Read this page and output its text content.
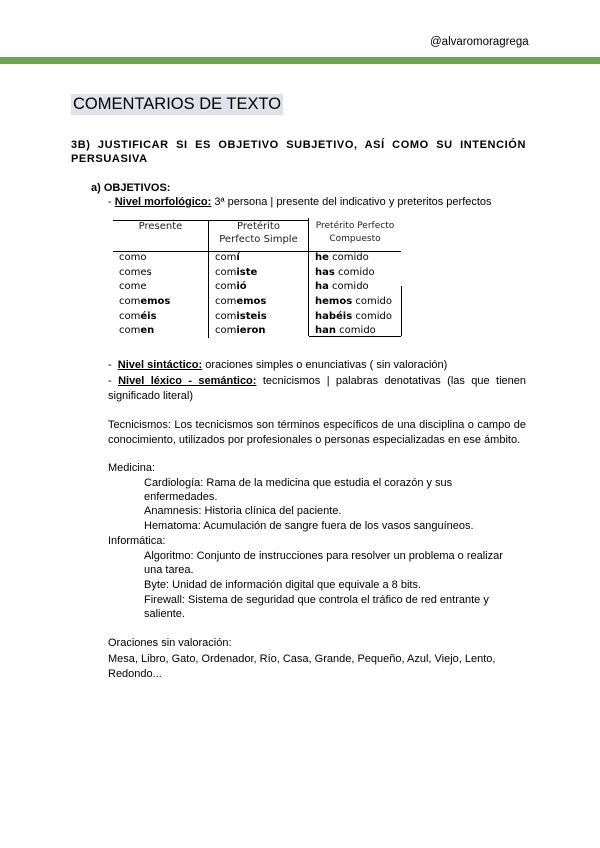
@alvaromoragrega
COMENTARIOS DE TEXTO
3B) JUSTIFICAR SI ES OBJETIVO SUBJETIVO, ASÍ COMO SU INTENCIÓN
PERSUASIVA
a) OBJETIVOS:
- Nivel morfológico: 3ª persona | presente del indicativo y preteritos perfectos
Presente
como
comes
come
comemos
coméis
comen
Pretérito
Perfecto Simple
comí
comiste
comió
comemos
comisteis
comieron
Pretérito Perfecto
Compuesto
he comido
has comido
ha comido
hemos comido
habéis comido
han comido
-  Nivel sintáctico: oraciones simples o enunciativas ( sin valoración)
- Nivel léxico - semántico: tecnicismos | palabras denotativas (las que tienen significado literal)
Tecnicismos: Los tecnicismos son términos específicos de una disciplina o campo de conocimiento, utilizados por profesionales o personas especializadas en ese ámbito.
Medicina:
Cardiología: Rama de la medicina que estudia el corazón y sus
enfermedades.
Anamnesis: Historia clínica del paciente.
Hematoma: Acumulación de sangre fuera de los vasos sanguíneos.
Informática:
Algoritmo: Conjunto de instrucciones para resolver un problema o realizar
una tarea.
Byte: Unidad de información digital que equivale a 8 bits.
Firewall: Sistema de seguridad que controla el tráfico de red entrante y
saliente.
Oraciones sin valoración:
Mesa, Libro, Gato, Ordenador, Río, Casa, Grande, Pequeño, Azul, Viejo, Lento,
Redondo...
